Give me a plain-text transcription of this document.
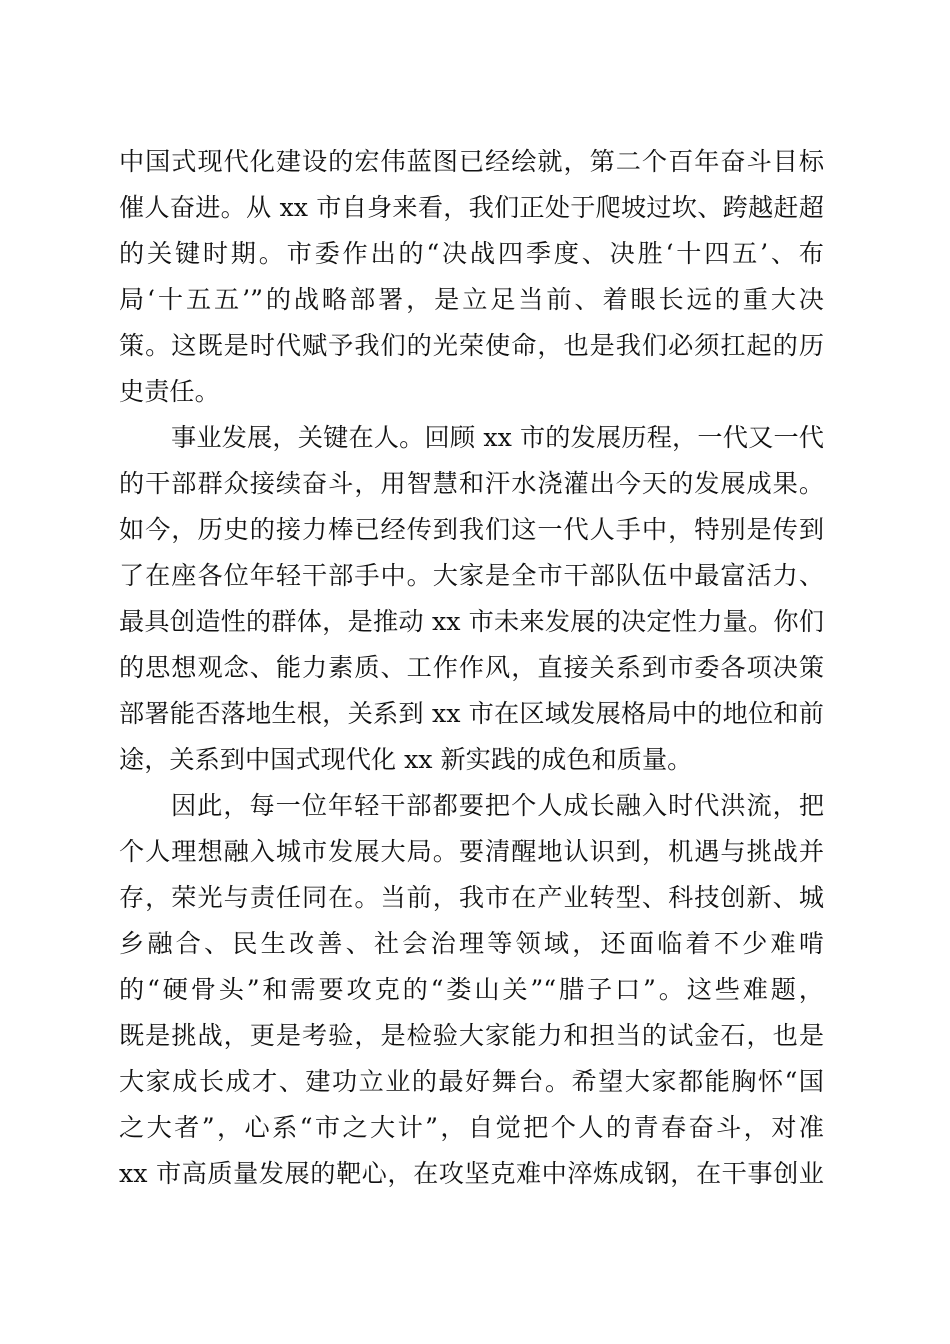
中国式现代化建设的宏伟蓝图已经绘就，第二个百年奋斗目标
催人奋进。从 xx 市自身来看，我们正处于爬坡过坎、跨越赶超
的关键时期。市委作出的“决战四季度、决胜‘十四五’、布
局‘十五五’”的战略部署，是立足当前、着眼长远的重大决
策。这既是时代赋予我们的光荣使命，也是我们必须扛起的历
史责任。
事业发展，关键在人。回顾 xx 市的发展历程，一代又一代
的干部群众接续奋斗，用智慧和汗水浇灌出今天的发展成果。
如今，历史的接力棒已经传到我们这一代人手中，特别是传到
了在座各位年轻干部手中。大家是全市干部队伍中最富活力、
最具创造性的群体，是推动 xx 市未来发展的决定性力量。你们
的思想观念、能力素质、工作作风，直接关系到市委各项决策
部署能否落地生根，关系到 xx 市在区域发展格局中的地位和前
途，关系到中国式现代化 xx 新实践的成色和质量。
因此，每一位年轻干部都要把个人成长融入时代洪流，把
个人理想融入城市发展大局。要清醒地认识到，机遇与挑战并
存，荣光与责任同在。当前，我市在产业转型、科技创新、城
乡融合、民生改善、社会治理等领域，还面临着不少难啃
的“硬骨头”和需要攻克的“娄山关”“腊子口”。这些难题，
既是挑战，更是考验，是检验大家能力和担当的试金石，也是
大家成长成才、建功立业的最好舞台。希望大家都能胸怀“国
之大者”，心系“市之大计”，自觉把个人的青春奋斗，对准
xx 市高质量发展的靶心，在攻坚克难中淬炼成钢，在干事创业
